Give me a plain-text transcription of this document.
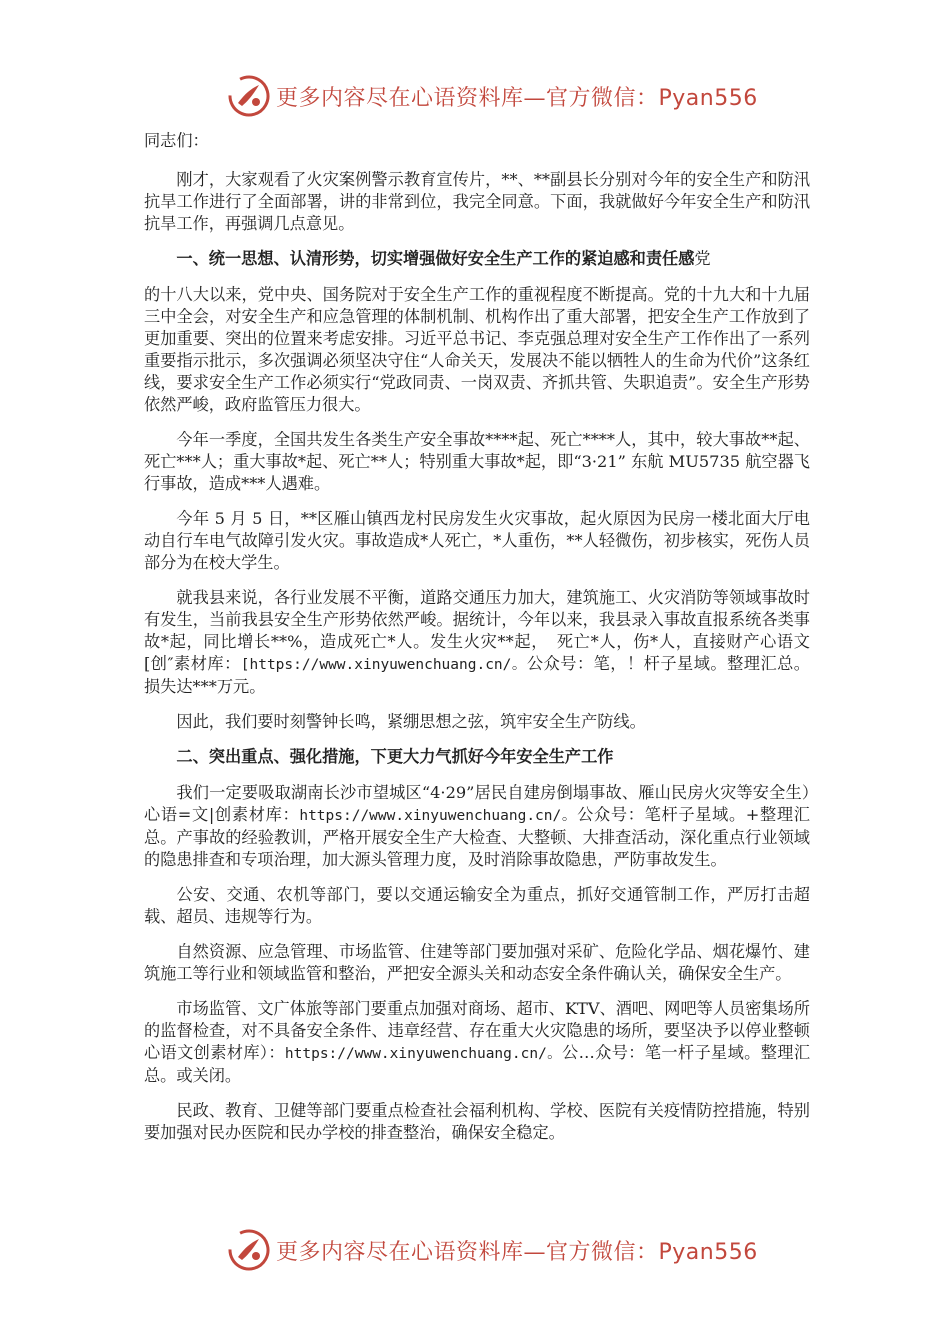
更多内容尽在心语资料库—官方微信：Pyan556

同志们：

刚才，大家观看了火灾案例警示教育宣传片，**、**副县长分别对今年的安全生产和防汛抗旱工作进行了全面部署，讲的非常到位，我完全同意。下面，我就做好今年安全生产和防汛抗旱工作，再强调几点意见。

一、统一思想、认清形势，切实增强做好安全生产工作的紧迫感和责任感党

的十八大以来，党中央、国务院对于安全生产工作的重视程度不断提高。党的十九大和十九届三中全会，对安全生产和应急管理的体制机制、机构作出了重大部署，把安全生产工作放到了更加重要、突出的位置来考虑安排。习近平总书记、李克强总理对安全生产工作作出了一系列重要指示批示，多次强调必须坚决守住“人命关天，发展决不能以牺牲人的生命为代价”这条红线，要求安全生产工作必须实行“党政同责、一岗双责、齐抓共管、失职追责”。安全生产形势依然严峻，政府监管压力很大。

今年一季度，全国共发生各类生产安全事故****起、死亡****人，其中，较大事故**起、死亡***人；重大事故*起、死亡**人；特别重大事故*起，即“3·21” 东航 MU5735 航空器飞行事故，造成***人遇难。

今年 5 月 5 日，**区雁山镇西龙村民房发生火灾事故，起火原因为民房一楼北面大厅电动自行车电气故障引发火灾。事故造成*人死亡，*人重伤，**人轻微伤，初步核实，死伤人员部分为在校大学生。

就我县来说，各行业发展不平衡，道路交通压力加大，建筑施工、火灾消防等领域事故时有发生，当前我县安全生产形势依然严峻。据统计，今年以来，我县录入事故直报系统各类事故*起，同比增长**%，造成死亡*人。发生火灾**起，　死亡*人，伤*人，直接财产心语文[创″素材库：[https://www.xinyuwenchuang.cn/。公众号：笔，！杆子星域。整理汇总。损失达***万元。

因此，我们要时刻警钟长鸣，紧绷思想之弦，筑牢安全生产防线。

二、突出重点、强化措施，下更大力气抓好今年安全生产工作

我们一定要吸取湖南长沙市望城区“4·29”居民自建房倒塌事故、雁山民房火灾等安全生）心语=文|创素材库：https://www.xinyuwenchuang.cn/。公众号：笔杆子星域。+整理汇总。产事故的经验教训，严格开展安全生产大检查、大整顿、大排查活动，深化重点行业领域的隐患排查和专项治理，加大源头管理力度，及时消除事故隐患，严防事故发生。

公安、交通、农机等部门，要以交通运输安全为重点，抓好交通管制工作，严厉打击超载、超员、违规等行为。

自然资源、应急管理、市场监管、住建等部门要加强对采矿、危险化学品、烟花爆竹、建筑施工等行业和领域监管和整治，严把安全源头关和动态安全条件确认关，确保安全生产。

市场监管、文广体旅等部门要重点加强对商场、超市、KTV、酒吧、网吧等人员密集场所的监督检查，对不具备安全条件、违章经营、存在重大火灾隐患的场所，要坚决予以停业整顿心语文创素材库）：https://www.xinyuwenchuang.cn/。公…众号：笔一杆子星域。整理汇总。或关闭。

民政、教育、卫健等部门要重点检查社会福利机构、学校、医院有关疫情防控措施，特别要加强对民办医院和民办学校的排查整治，确保安全稳定。

更多内容尽在心语资料库—官方微信：Pyan556
